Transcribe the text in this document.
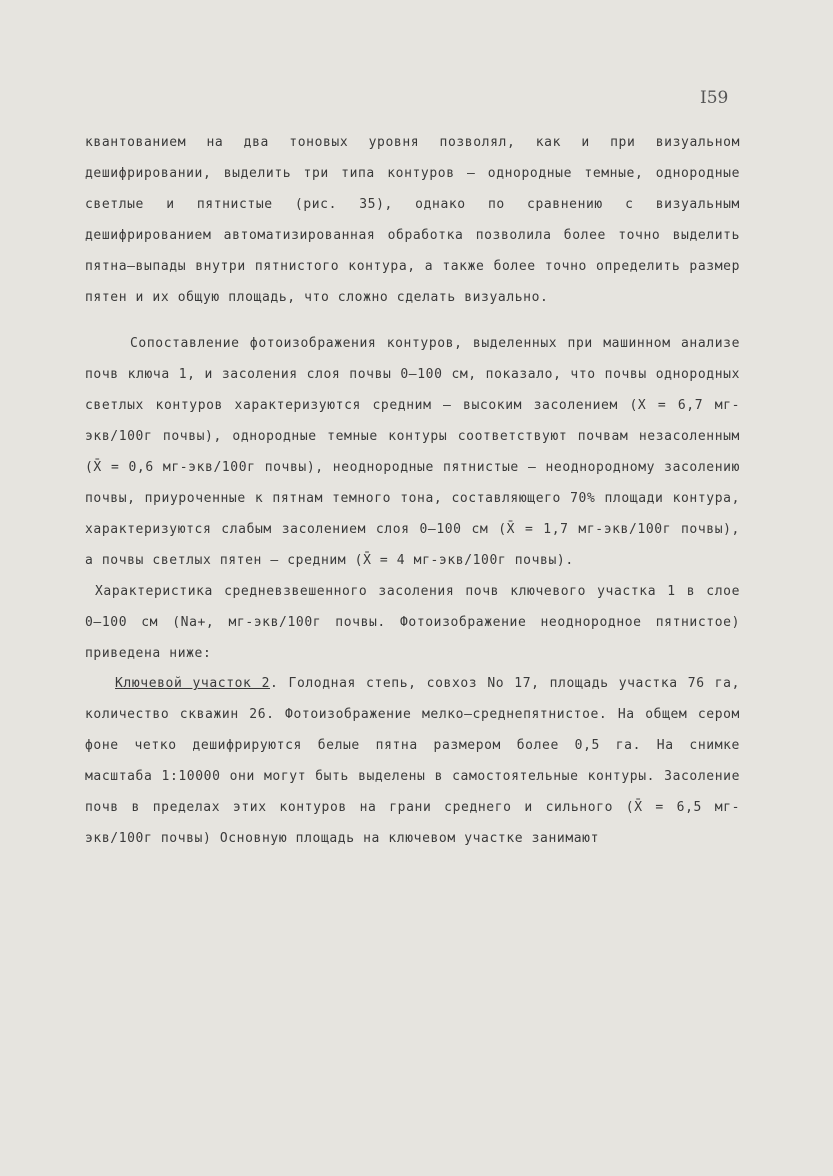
I59

квантованием на два тоновых уровня позволял, как и при визуальном дешифрировании, выделить три типа контуров – однородные темные, однородные светлые и пятнистые (рис. 35), однако по сравнению с визуальным дешифрированием автоматизированная обработка позволила более точно выделить пятна–выпады внутри пятнистого контура, а также более точно определить размер пятен и их общую площадь, что сложно сделать визуально.

Сопоставление фотоизображения контуров, выделенных при машинном анализе почв ключа 1, и засоления слоя почвы 0–100 см, показало, что почвы однородных светлых контуров характеризуются средним – высоким засолением (X = 6,7 мг-экв/100г почвы), однородные темные контуры соответствуют почвам незасоленным (X̄ = 0,6 мг-экв/100г почвы), неоднородные пятнистые – неоднородному засолению почвы, приуроченные к пятнам темного тона, составляющего 70% площади контура, характеризуются слабым засолением слоя 0–100 см (X̄ = 1,7 мг-экв/100г почвы), а почвы светлых пятен – средним (X̄ = 4 мг-экв/100г почвы).

Характеристика средневзвешенного засоления почв ключевого участка 1 в слое 0–100 см (Na+, мг-экв/100г почвы. Фотоизображение неоднородное пятнистое) приведена ниже:

Ключевой участок 2. Голодная степь, совхоз No 17, площадь участка 76 га, количество скважин 26. Фотоизображение мелко–среднепятнистое. На общем сером фоне четко дешифрируются белые пятна размером более 0,5 га. На снимке масштаба 1:10000 они могут быть выделены в самостоятельные контуры. Засоление почв в пределах этих контуров на грани среднего и сильного (X̄ = 6,5 мг-экв/100г почвы) Основную площадь на ключевом участке занимают
